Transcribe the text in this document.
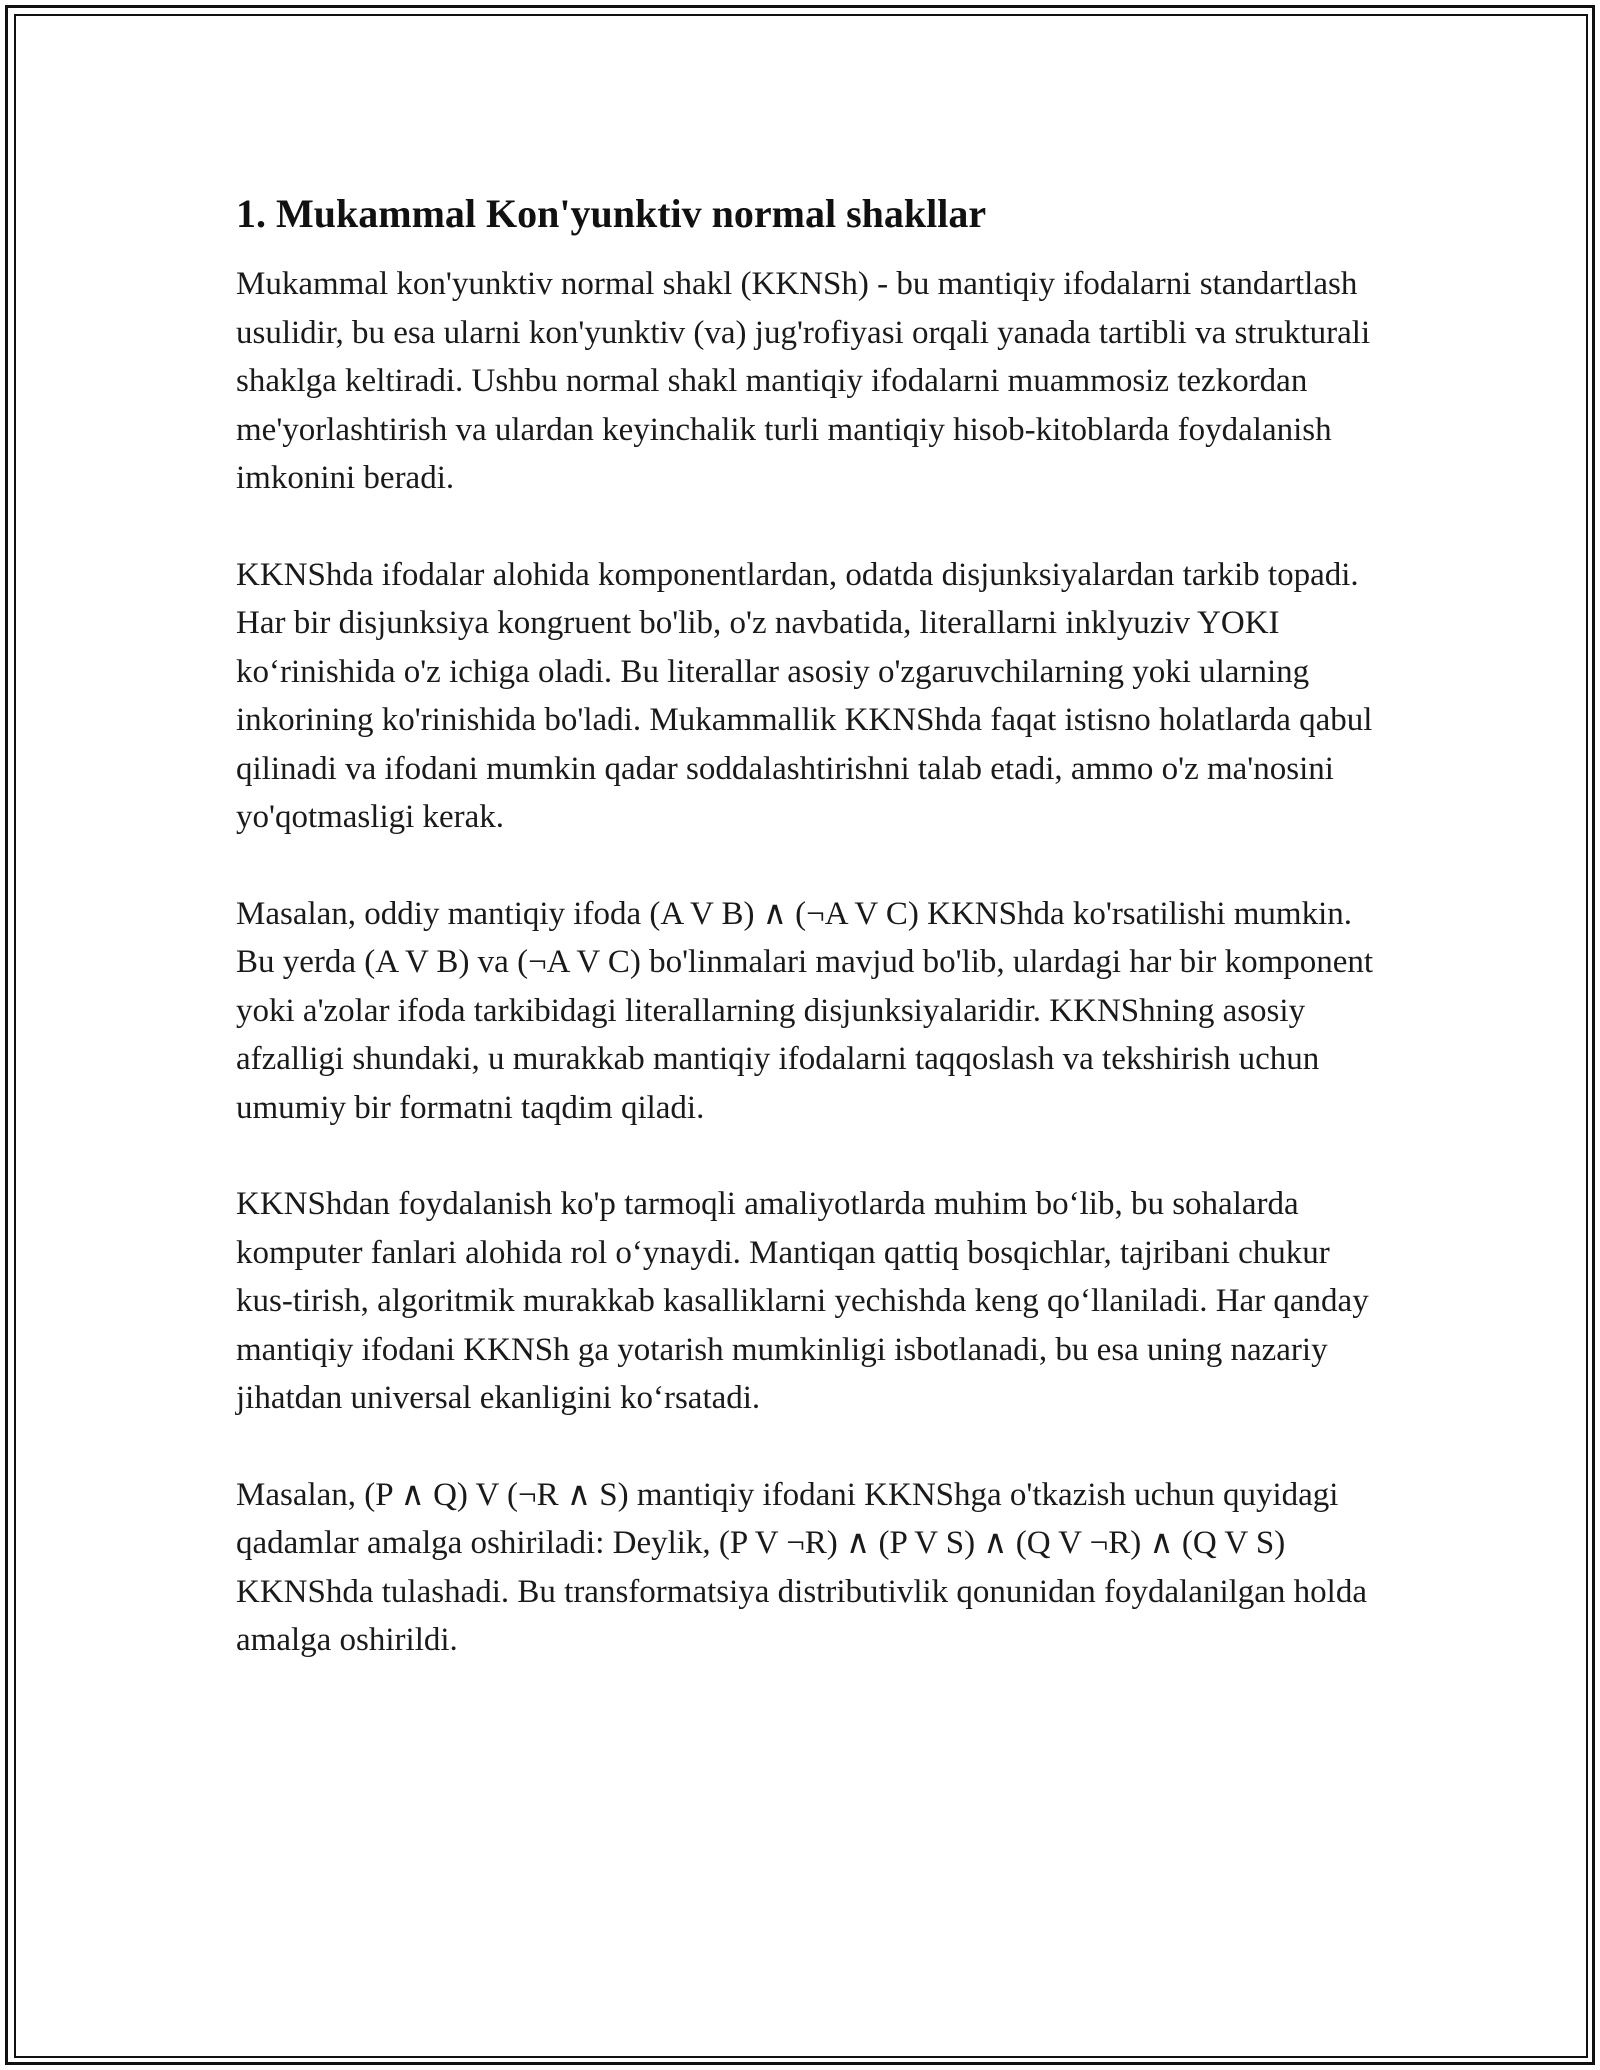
1. Mukammal Kon'yunktiv normal shakllar

Mukammal kon'yunktiv normal shakl (KKNSh) - bu mantiqiy ifodalarni standartlash usulidir, bu esa ularni kon'yunktiv (va) jug'rofiyasi orqali yanada tartibli va strukturali shaklga keltiradi. Ushbu normal shakl mantiqiy ifodalarni muammosiz tezkordan me'yorlashtirish va ulardan keyinchalik turli mantiqiy hisob-kitoblarda foydalanish imkonini beradi.

KKNShda ifodalar alohida komponentlardan, odatda disjunksiyalardan tarkib topadi. Har bir disjunksiya kongruent bo'lib, o'z navbatida, literallarni inklyuziv YOKI ko‘rinishida o'z ichiga oladi. Bu literallar asosiy o'zgaruvchilarning yoki ularning inkorining ko'rinishida bo'ladi. Mukammallik KKNShda faqat istisno holatlarda qabul qilinadi va ifodani mumkin qadar soddalashtirishni talab etadi, ammo o'z ma'nosini yo'qotmasligi kerak.

Masalan, oddiy mantiqiy ifoda (A V B) ∧ (¬A V C) KKNShda ko'rsatilishi mumkin. Bu yerda (A V B) va (¬A V C) bo'linmalari mavjud bo'lib, ulardagi har bir komponent yoki a'zolar ifoda tarkibidagi literallarning disjunksiyalaridir. KKNShning asosiy afzalligi shundaki, u murakkab mantiqiy ifodalarni taqqoslash va tekshirish uchun umumiy bir formatni taqdim qiladi.

KKNShdan foydalanish ko'p tarmoqli amaliyotlarda muhim bo‘lib, bu sohalarda komputer fanlari alohida rol o‘ynaydi. Mantiqan qattiq bosqichlar, tajribani chukur kus-tirish, algoritmik murakkab kasalliklarni yechishda keng qo‘llaniladi. Har qanday mantiqiy ifodani KKNSh ga yotarish mumkinligi isbotlanadi, bu esa uning nazariy jihatdan universal ekanligini ko‘rsatadi.

Masalan, (P ∧ Q) V (¬R ∧ S) mantiqiy ifodani KKNShga o'tkazish uchun quyidagi qadamlar amalga oshiriladi: Deylik, (P V ¬R) ∧ (P V S) ∧ (Q V ¬R) ∧ (Q V S) KKNShda tulashadi. Bu transformatsiya distributivlik qonunidan foydalanilgan holda amalga oshirildi.
